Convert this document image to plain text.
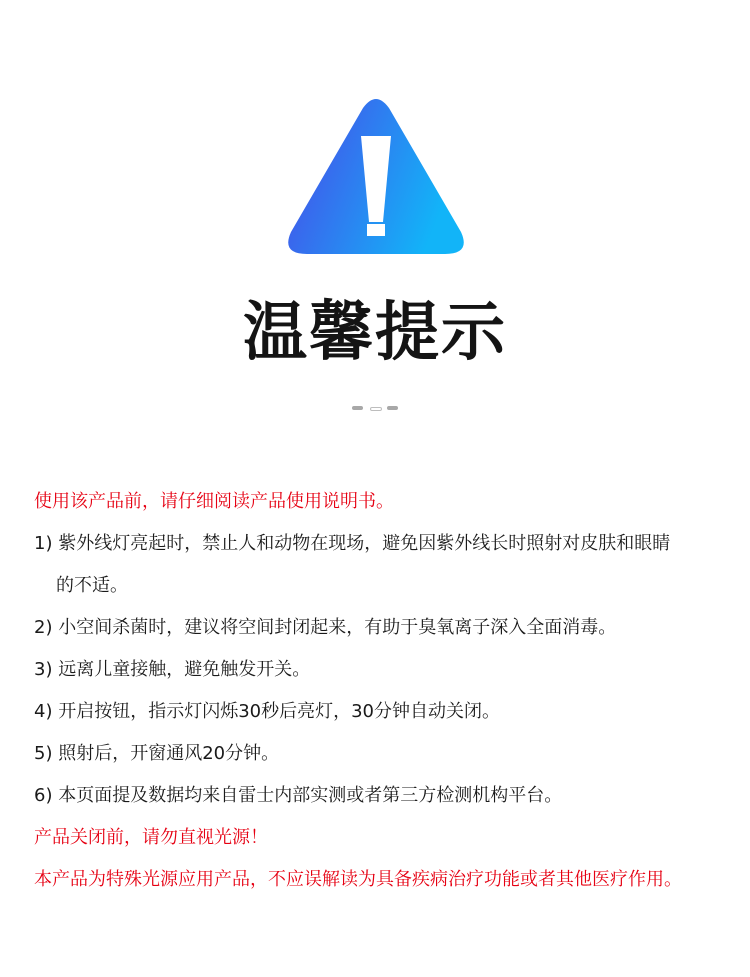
温馨提示
使用该产品前，请仔细阅读产品使用说明书。
1) 紫外线灯亮起时，禁止人和动物在现场，避免因紫外线长时照射对皮肤和眼睛
的不适。
2) 小空间杀菌时，建议将空间封闭起来，有助于臭氧离子深入全面消毒。
3) 远离儿童接触，避免触发开关。
4) 开启按钮，指示灯闪烁30秒后亮灯，30分钟自动关闭。
5) 照射后，开窗通风20分钟。
6) 本页面提及数据均来自雷士内部实测或者第三方检测机构平台。
产品关闭前，请勿直视光源！
本产品为特殊光源应用产品，不应误解读为具备疾病治疗功能或者其他医疗作用。
